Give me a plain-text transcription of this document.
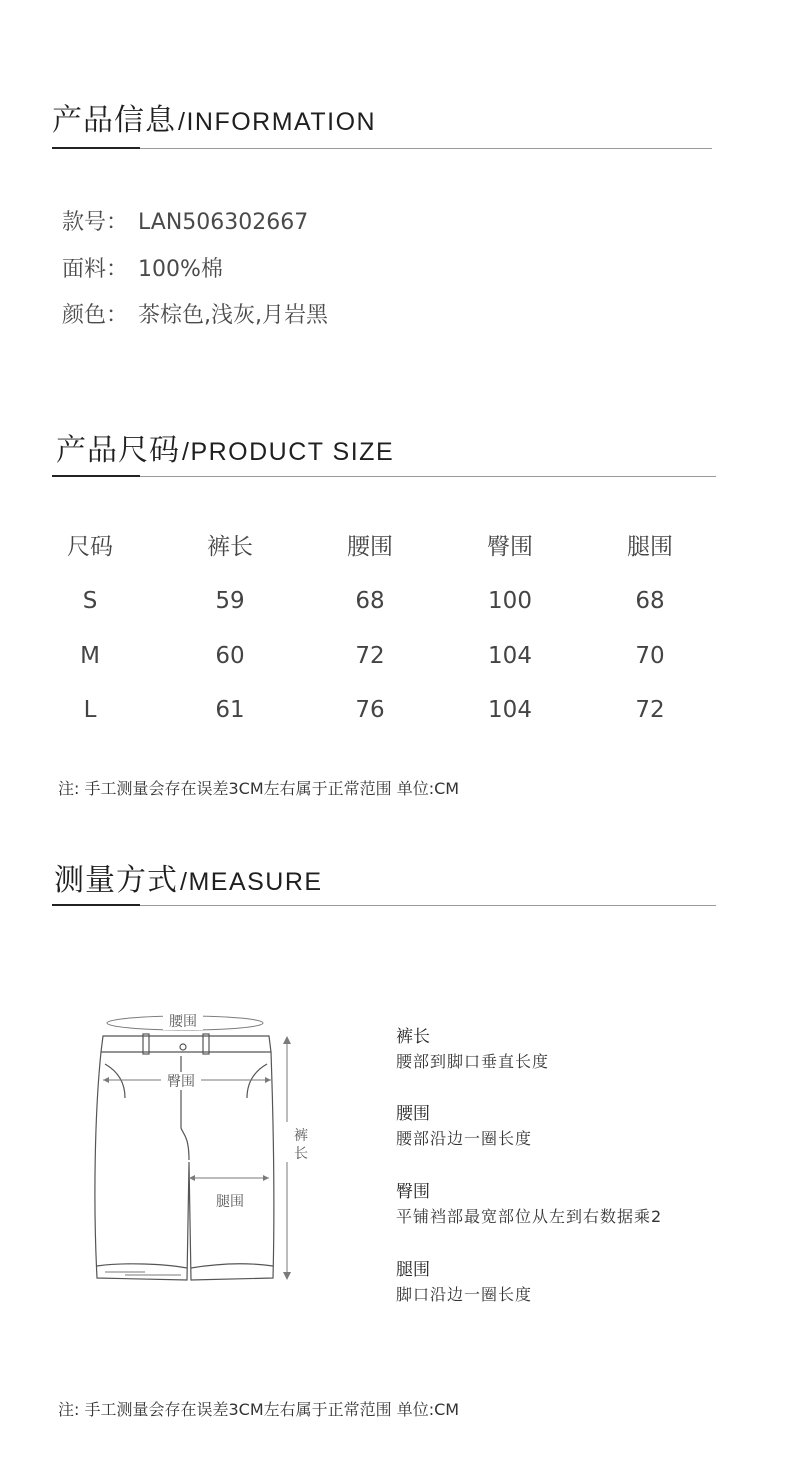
产品信息 /INFORMATION
款号： LAN506302667
面料： 100%棉
颜色： 茶棕色,浅灰,月岩黑
产品尺码 /PRODUCT SIZE
尺码	裤长	腰围	臀围	腿围
S	59	68	100	68
M	60	72	104	70
L	61	76	104	72
注: 手工测量会存在误差3CM左右属于正常范围 单位:CM
测量方式 /MEASURE
腰围
臀围
裤
长
腿围
裤长
腰部到脚口垂直长度
腰围
腰部沿边一圈长度
臀围
平铺裆部最宽部位从左到右数据乘2
腿围
脚口沿边一圈长度
注: 手工测量会存在误差3CM左右属于正常范围 单位:CM
